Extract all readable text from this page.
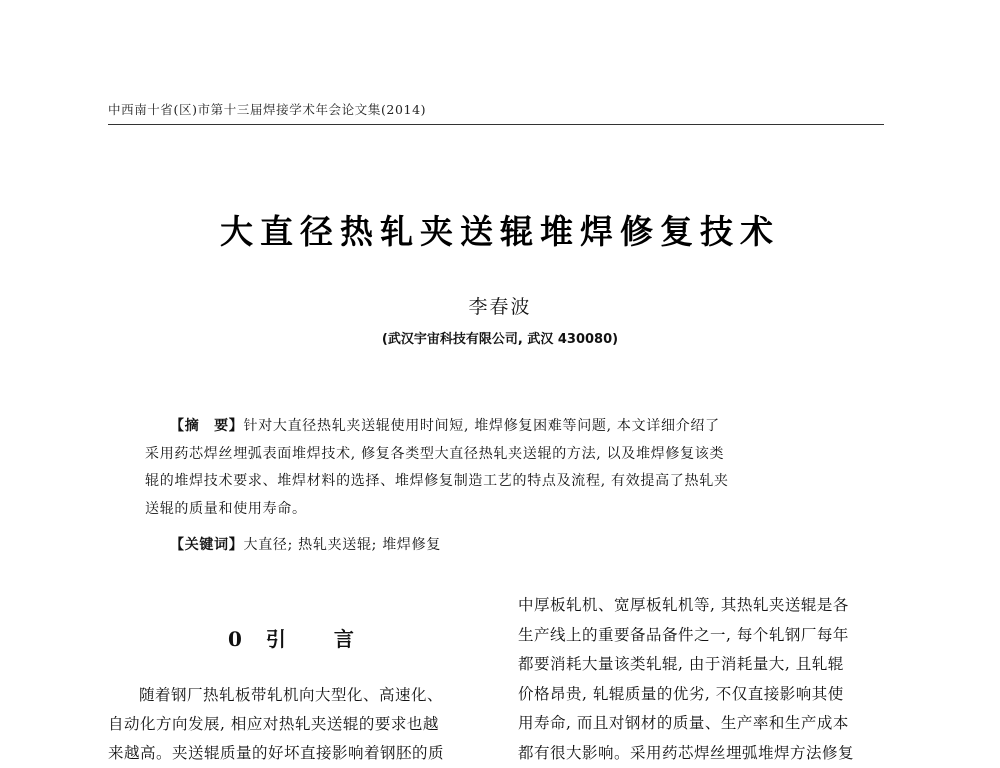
中西南十省(区)市第十三届焊接学术年会论文集(2014)
大直径热轧夹送辊堆焊修复技术
李春波
(武汉宇宙科技有限公司, 武汉 430080)
【摘　要】针对大直径热轧夹送辊使用时间短, 堆焊修复困难等问题, 本文详细介绍了
采用药芯焊丝埋弧表面堆焊技术, 修复各类型大直径热轧夹送辊的方法, 以及堆焊修复该类
辊的堆焊技术要求、堆焊材料的选择、堆焊修复制造工艺的特点及流程, 有效提高了热轧夹
送辊的质量和使用寿命。
【关键词】大直径; 热轧夹送辊; 堆焊修复
0 引 言
随着钢厂热轧板带轧机向大型化、高速化、
自动化方向发展, 相应对热轧夹送辊的要求也越
来越高。夹送辊质量的好坏直接影响着钢胚的质
中厚板轧机、宽厚板轧机等, 其热轧夹送辊是各
生产线上的重要备品备件之一, 每个轧钢厂每年
都要消耗大量该类轧辊, 由于消耗量大, 且轧辊
价格昂贵, 轧辊质量的优劣, 不仅直接影响其使
用寿命, 而且对钢材的质量、生产率和生产成本
都有很大影响。采用药芯焊丝埋弧堆焊方法修复
